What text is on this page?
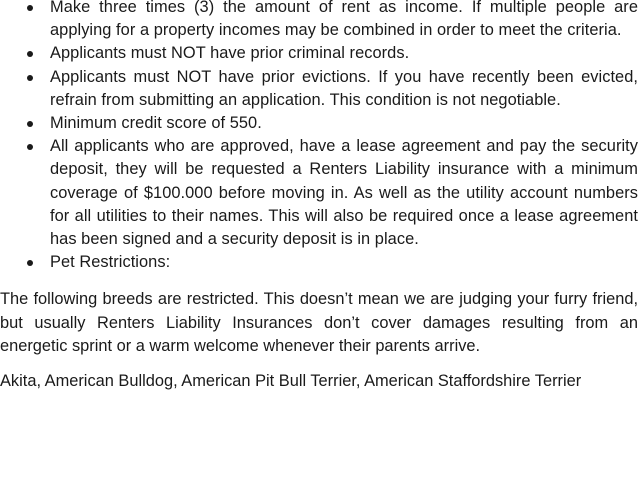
Make three times (3) the amount of rent as income. If multiple people are applying for a property incomes may be combined in order to meet the criteria.
Applicants must NOT have prior criminal records.
Applicants must NOT have prior evictions. If you have recently been evicted, refrain from submitting an application. This condition is not negotiable.
Minimum credit score of 550.
All applicants who are approved, have a lease agreement and pay the security deposit, they will be requested a Renters Liability insurance with a minimum coverage of $100.000 before moving in. As well as the utility account numbers for all utilities to their names. This will also be required once a lease agreement has been signed and a security deposit is in place.
Pet Restrictions:

The following breeds are restricted. This doesn’t mean we are judging your furry friend, but usually Renters Liability Insurances don’t cover damages resulting from an energetic sprint or a warm welcome whenever their parents arrive.

Akita, American Bulldog, American Pit Bull Terrier, American Staffordshire Terrier
